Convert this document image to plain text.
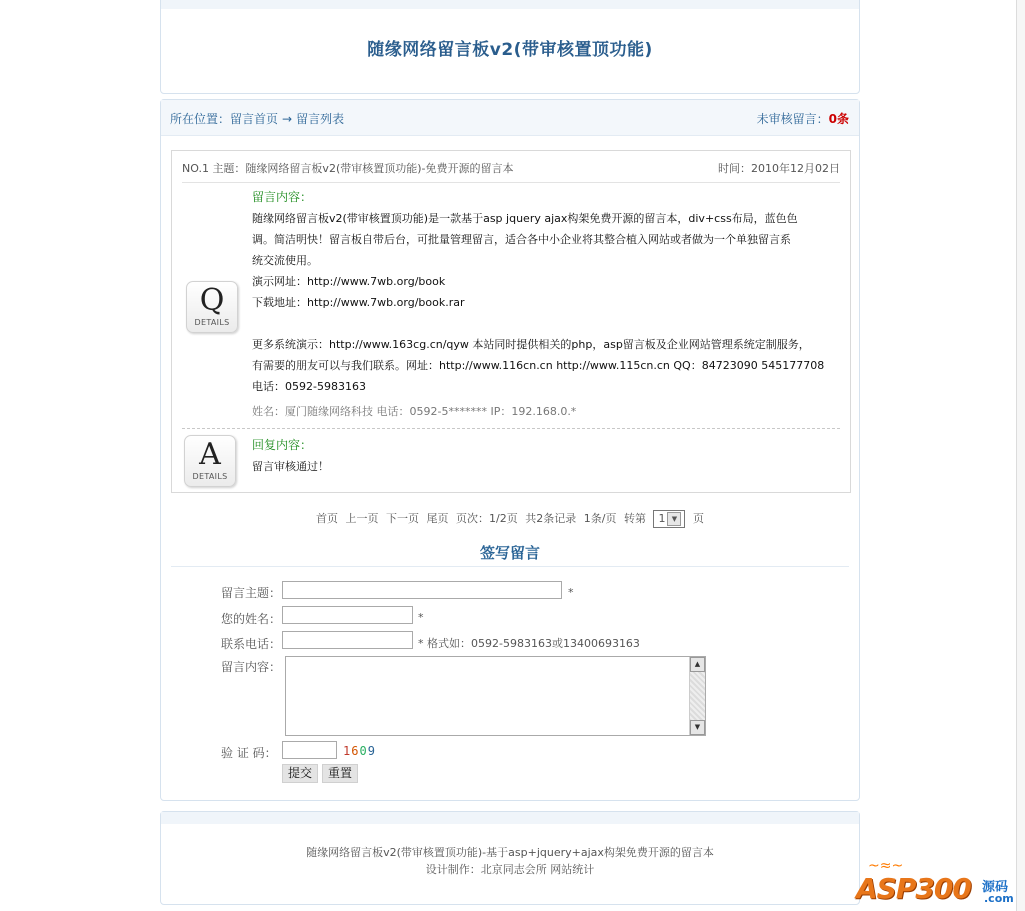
随缘网络留言板v2(带审核置顶功能)
所在位置：留言首页 → 留言列表	未审核留言：0条
NO.1 主题：随缘网络留言板v2(带审核置顶功能)-免费开源的留言本	时间：2010年12月02日
Q
DETAILS

留言内容：

随缘网络留言板v2(带审核置顶功能)是一款基于asp jquery ajax构架免费开源的留言本，div+css布局，蓝色色

调。简洁明快！留言板自带后台，可批量管理留言，适合各中小企业将其整合植入网站或者做为一个单独留言系

统交流使用。

演示网址：http://www.7wb.org/book

下载地址：http://www.7wb.org/book.rar

更多系统演示：http://www.163cg.cn/qyw 本站同时提供相关的php，asp留言板及企业网站管理系统定制服务，

有需要的朋友可以与我们联系。网址：http://www.116cn.cn http://www.115cn.cn QQ：84723090 545177708

电话：0592-5983163

姓名：厦门随缘网络科技 电话：0592-5******* IP：192.168.0.*
A
DETAILS

回复内容：

留言审核通过！

首页 上一页 下一页 尾页 页次：1/2页 共2条记录 1条/页 转第 1 ▼	页
签写留言
留言主题：	*
您的姓名：	*
联系电话：	* 格式如：0592-5983163或13400693163
留言内容：	▲
▼
验 证 码：	1609
提交	重置
随缘网络留言板v2(带审核置顶功能)-基于asp+jquery+ajax构架免费开源的留言本
设计制作：北京同志会所 网站统计	~≈~
ASP300 源码
.com
